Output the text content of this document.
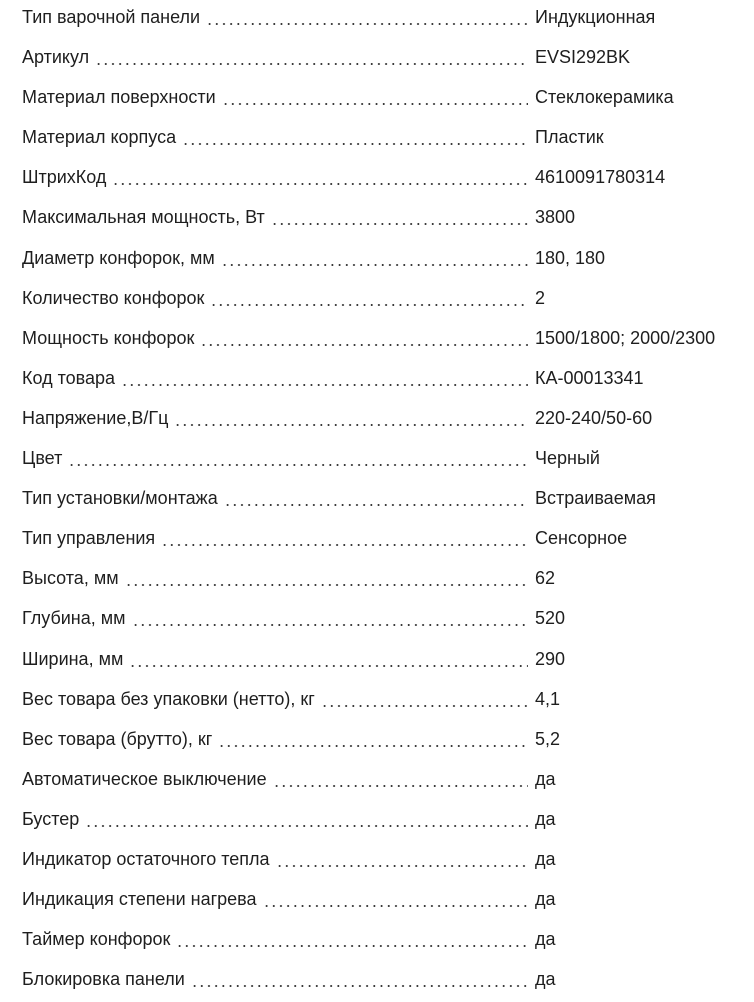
Тип варочной панели	Индукционная
Артикул	EVSI292BK
Материал поверхности	Стеклокерамика
Материал корпуса	Пластик
ШтрихКод	4610091780314
Максимальная мощность, Вт	3800
Диаметр конфорок, мм	180, 180
Количество конфорок	2
Мощность конфорок	1500/1800; 2000/2300
Код товара	КА-00013341
Напряжение,В/Гц	220-240/50-60
Цвет	Черный
Тип установки/монтажа	Встраиваемая
Тип управления	Сенсорное
Высота, мм	62
Глубина, мм	520
Ширина, мм	290
Вес товара без упаковки (нетто), кг	4,1
Вес товара (брутто), кг	5,2
Автоматическое выключение	да
Бустер	да
Индикатор остаточного тепла	да
Индикация степени нагрева	да
Таймер конфорок	да
Блокировка панели	да
